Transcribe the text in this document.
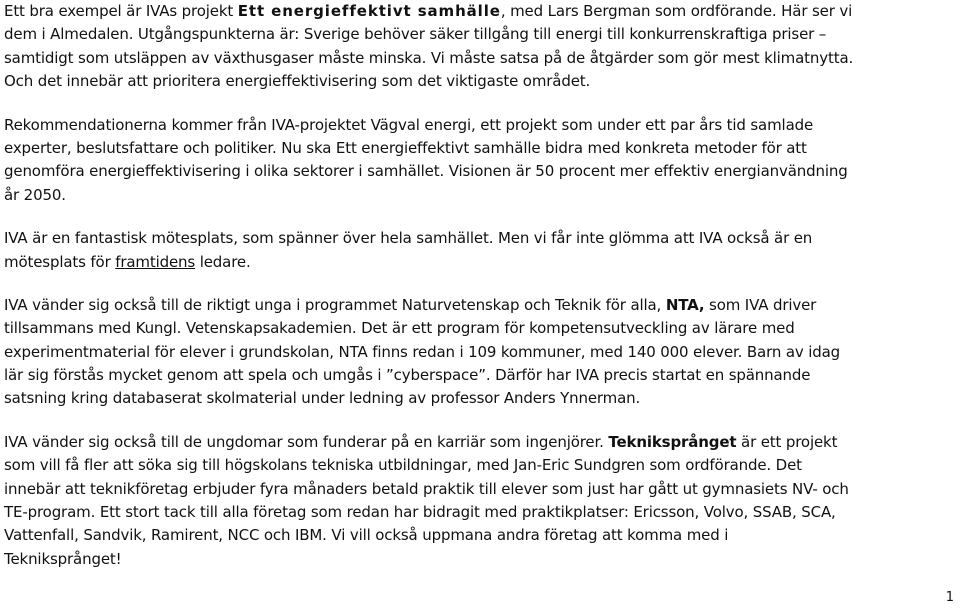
Ett bra exempel är IVAs projekt Ett energieffektivt samhälle, med Lars Bergman som ordförande. Här ser vi
dem i Almedalen. Utgångspunkterna är: Sverige behöver säker tillgång till energi till konkurrenskraftiga priser –
samtidigt som utsläppen av växthusgaser måste minska. Vi måste satsa på de åtgärder som gör mest klimatnytta.
Och det innebär att prioritera energieffektivisering som det viktigaste området.
Rekommendationerna kommer från IVA-projektet Vägval energi, ett projekt som under ett par års tid samlade
experter, beslutsfattare och politiker. Nu ska Ett energieffektivt samhälle bidra med konkreta metoder för att
genomföra energieffektivisering i olika sektorer i samhället. Visionen är 50 procent mer effektiv energianvändning
år 2050.
IVA är en fantastisk mötesplats, som spänner över hela samhället. Men vi får inte glömma att IVA också är en
mötesplats för framtidens ledare.
IVA vänder sig också till de riktigt unga i programmet Naturvetenskap och Teknik för alla, NTA, som IVA driver
tillsammans med Kungl. Vetenskapsakademien. Det är ett program för kompetensutveckling av lärare med
experimentmaterial för elever i grundskolan, NTA finns redan i 109 kommuner, med 140 000 elever. Barn av idag
lär sig förstås mycket genom att spela och umgås i ”cyberspace”. Därför har IVA precis startat en spännande
satsning kring databaserat skolmaterial under ledning av professor Anders Ynnerman.
IVA vänder sig också till de ungdomar som funderar på en karriär som ingenjörer. Tekniksprånget är ett projekt
som vill få fler att söka sig till högskolans tekniska utbildningar, med Jan-Eric Sundgren som ordförande. Det
innebär att teknikföretag erbjuder fyra månaders betald praktik till elever som just har gått ut gymnasiets NV- och
TE-program. Ett stort tack till alla företag som redan har bidragit med praktikplatser: Ericsson, Volvo, SSAB, SCA,
Vattenfall, Sandvik, Ramirent, NCC och IBM. Vi vill också uppmana andra företag att komma med i
Tekniksprånget!
1
